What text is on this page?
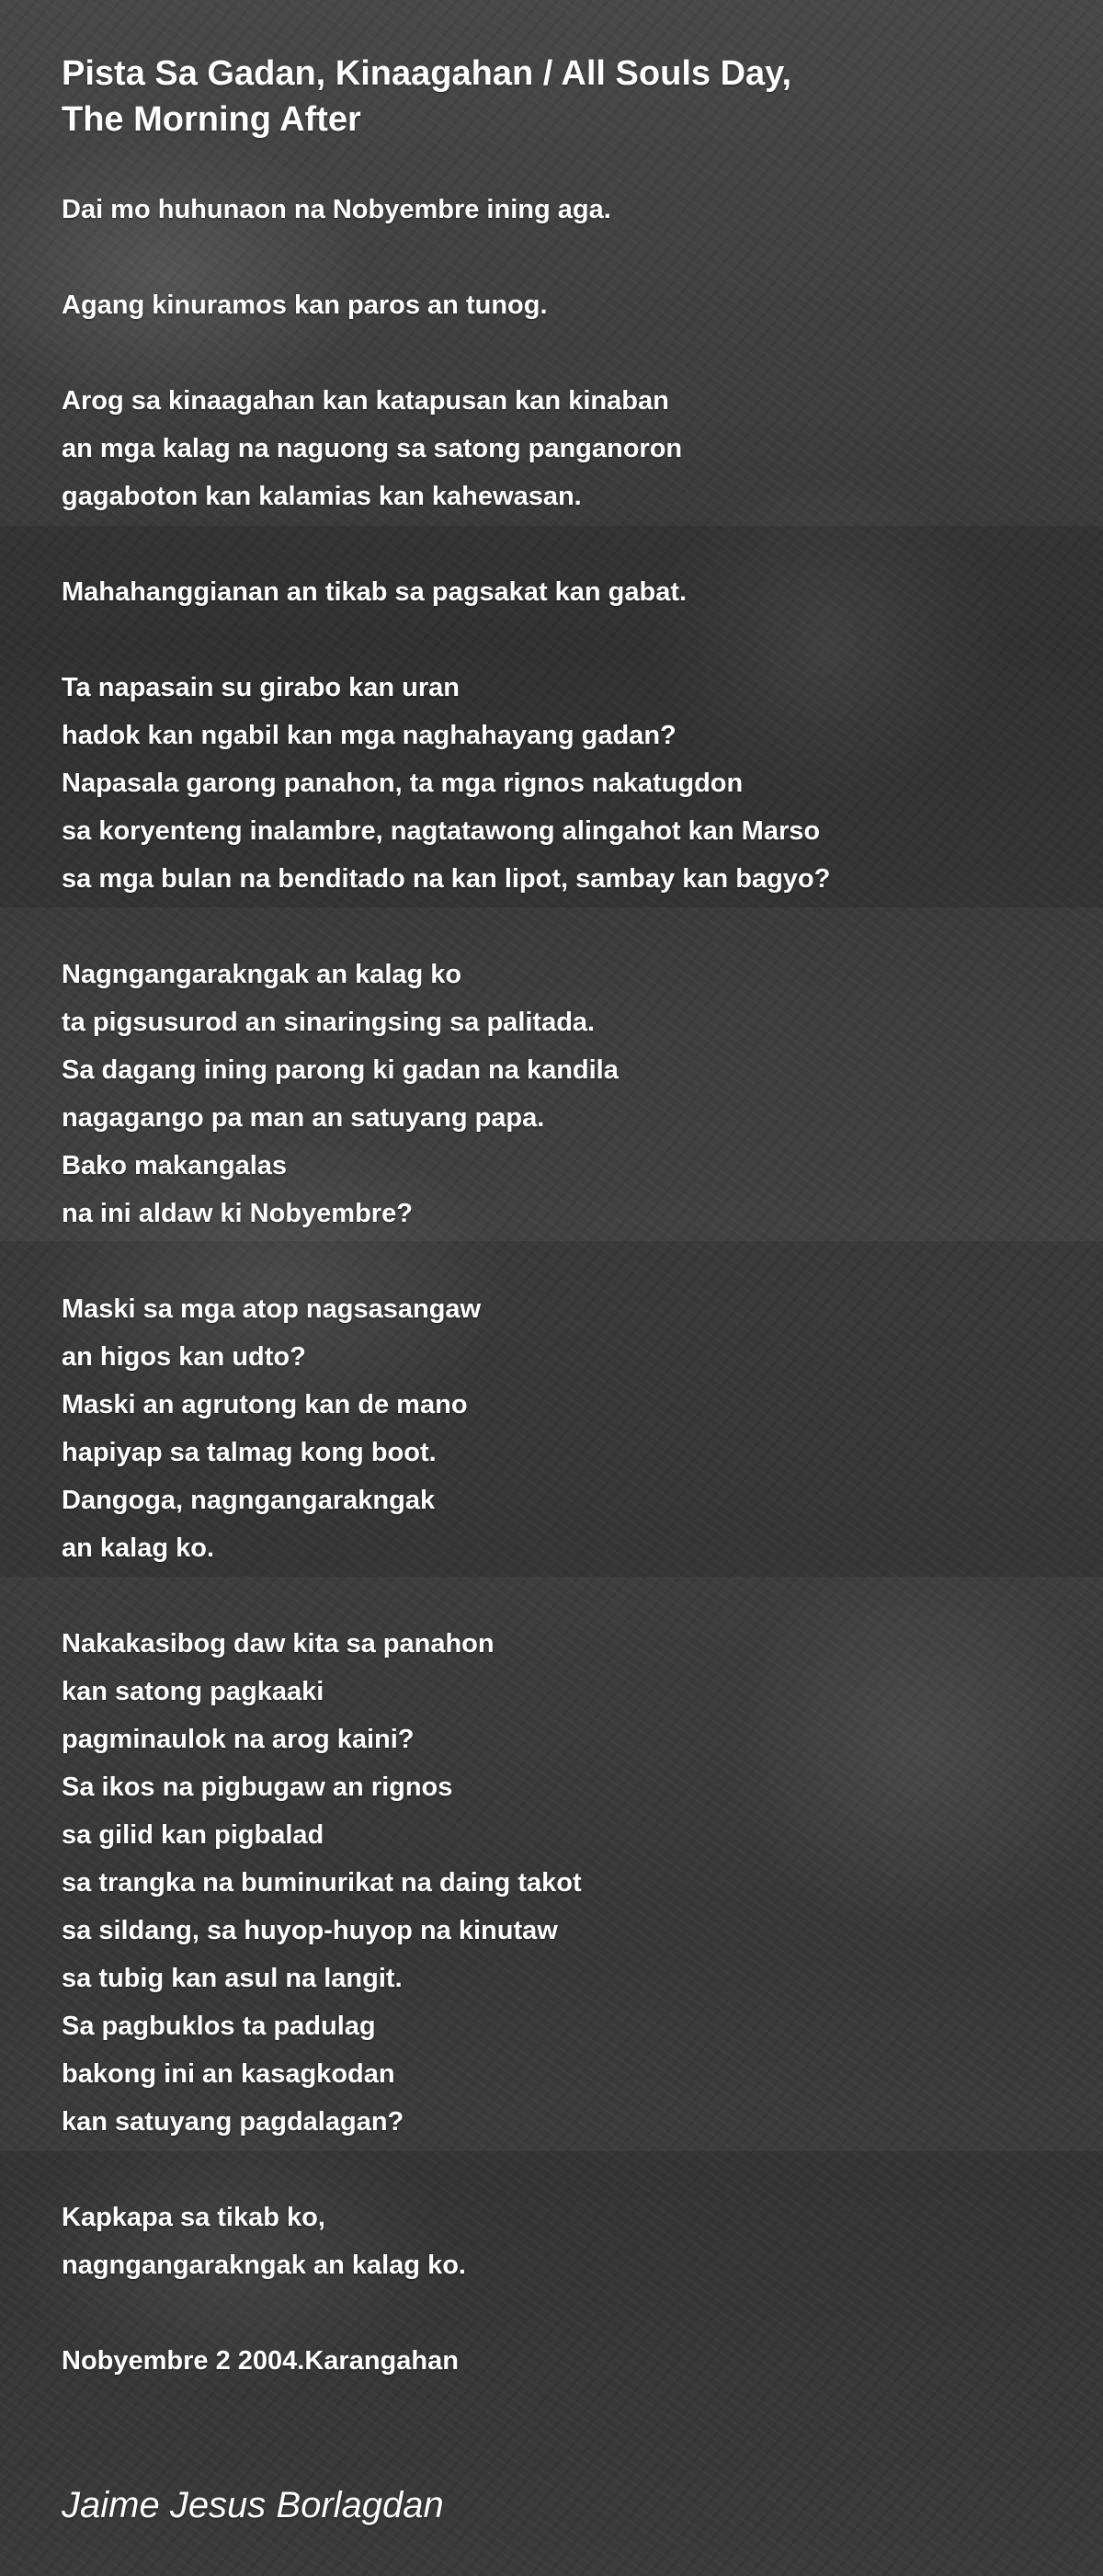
Pista Sa Gadan, Kinaagahan / All Souls Day,
The Morning After
Dai mo huhunaon na Nobyembre ining aga.
Agang kinuramos kan paros an tunog.
Arog sa kinaagahan kan katapusan kan kinaban
an mga kalag na naguong sa satong panganoron
gagaboton kan kalamias kan kahewasan.
Mahahanggianan an tikab sa pagsakat kan gabat.
Ta napasain su girabo kan uran
hadok kan ngabil kan mga naghahayang gadan?
Napasala garong panahon, ta mga rignos nakatugdon
sa koryenteng inalambre, nagtatawong alingahot kan Marso
sa mga bulan na benditado na kan lipot, sambay kan bagyo?
Nagngangarakngak an kalag ko
ta pigsusurod an sinaringsing sa palitada.
Sa dagang ining parong ki gadan na kandila
nagagango pa man an satuyang papa.
Bako makangalas
na ini aldaw ki Nobyembre?
Maski sa mga atop nagsasangaw
an higos kan udto?
Maski an agrutong kan de mano
hapiyap sa talmag kong boot.
Dangoga, nagngangarakngak
an kalag ko.
Nakakasibog daw kita sa panahon
kan satong pagkaaki
pagminaulok na arog kaini?
Sa ikos na pigbugaw an rignos
sa gilid kan pigbalad
sa trangka na buminurikat na daing takot
sa sildang, sa huyop-huyop na kinutaw
sa tubig kan asul na langit.
Sa pagbuklos ta padulag
bakong ini an kasagkodan
kan satuyang pagdalagan?
Kapkapa sa tikab ko,
nagngangarakngak an kalag ko.
Nobyembre 2 2004.Karangahan

Jaime Jesus Borlagdan
